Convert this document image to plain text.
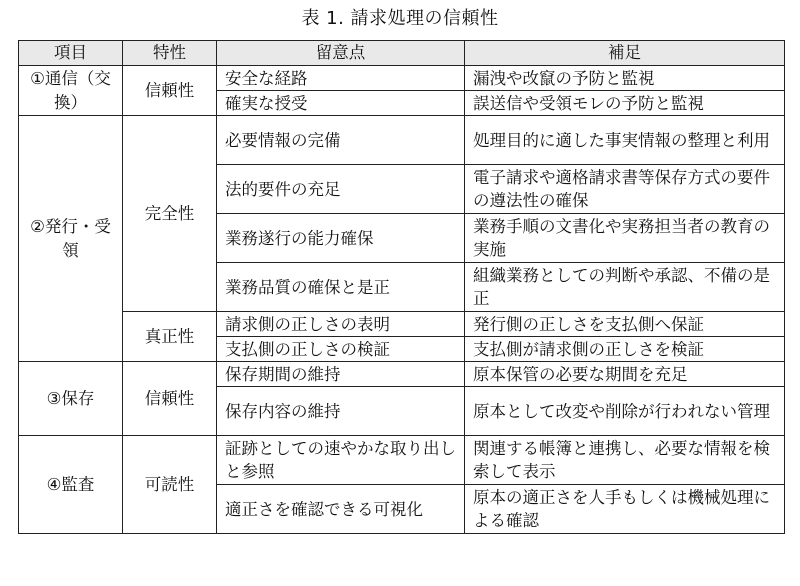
表 1. 請求処理の信頼性
項目	特性	留意点	補足
①通信（交換）	信頼性	安全な経路	漏洩や改竄の予防と監視
		確実な授受	誤送信や受領モレの予防と監視
②発行・受領	完全性	必要情報の完備	処理目的に適した事実情報の整理と利用
		法的要件の充足	電子請求や適格請求書等保存方式の要件の遵法性の確保
		業務遂行の能力確保	業務手順の文書化や実務担当者の教育の実施
		業務品質の確保と是正	組織業務としての判断や承認、不備の是正
	真正性	請求側の正しさの表明	発行側の正しさを支払側へ保証
		支払側の正しさの検証	支払側が請求側の正しさを検証
③保存	信頼性	保存期間の維持	原本保管の必要な期間を充足
		保存内容の維持	原本として改変や削除が行われない管理
④監査	可読性	証跡としての速やかな取り出しと参照	関連する帳簿と連携し、必要な情報を検索して表示
		適正さを確認できる可視化	原本の適正さを人手もしくは機械処理による確認
